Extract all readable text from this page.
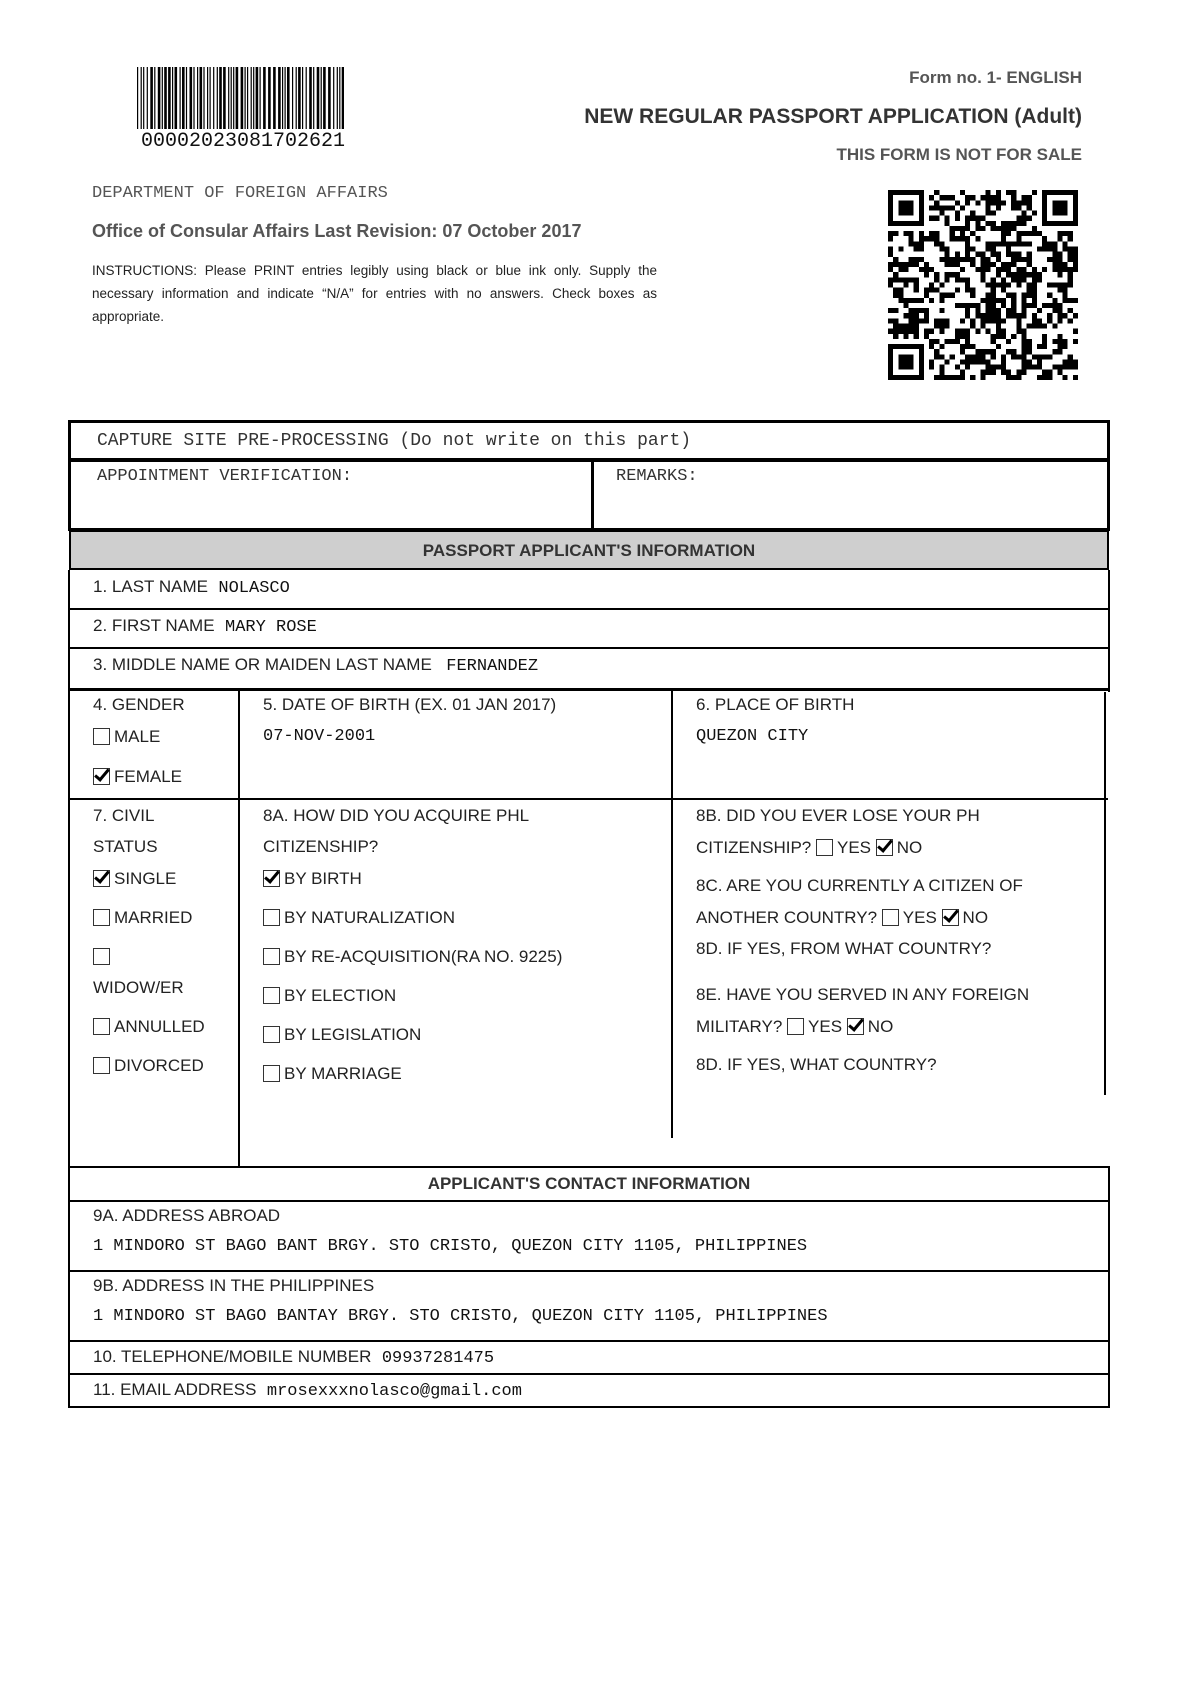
00002023081702621
Form no. 1- ENGLISH
NEW REGULAR PASSPORT APPLICATION (Adult)
THIS FORM IS NOT FOR SALE
DEPARTMENT OF FOREIGN AFFAIRS
Office of Consular Affairs Last Revision: 07 October 2017
INSTRUCTIONS: Please PRINT entries legibly using black or blue ink only. Supply the necessary information and indicate “N/A” for entries with no answers. Check boxes as appropriate.
CAPTURE SITE PRE-PROCESSING (Do not write on this part)
APPOINTMENT VERIFICATION:	REMARKS:
PASSPORT APPLICANT'S INFORMATION
1. LAST NAME NOLASCO
2. FIRST NAME MARY ROSE
3. MIDDLE NAME OR MAIDEN LAST NAME FERNANDEZ
4. GENDER
MALE
FEMALE
5. DATE OF BIRTH (EX. 01 JAN 2017)
07-NOV-2001
6. PLACE OF BIRTH
QUEZON CITY
7. CIVIL
STATUS
SINGLE
MARRIED
WIDOW/ER
ANNULLED
DIVORCED
8A. HOW DID YOU ACQUIRE PHL
CITIZENSHIP?
BY BIRTH
BY NATURALIZATION
BY RE-ACQUISITION(RA NO. 9225)
BY ELECTION
BY LEGISLATION
BY MARRIAGE
8B. DID YOU EVER LOSE YOUR PH
CITIZENSHIP? YES NO
8C. ARE YOU CURRENTLY A CITIZEN OF
ANOTHER COUNTRY? YES NO
8D. IF YES, FROM WHAT COUNTRY?
8E. HAVE YOU SERVED IN ANY FOREIGN
MILITARY? YES NO
8D. IF YES, WHAT COUNTRY?
APPLICANT'S CONTACT INFORMATION
9A. ADDRESS ABROAD
1 MINDORO ST BAGO BANT BRGY. STO CRISTO, QUEZON CITY 1105, PHILIPPINES
9B. ADDRESS IN THE PHILIPPINES
1 MINDORO ST BAGO BANTAY BRGY. STO CRISTO, QUEZON CITY 1105, PHILIPPINES
10. TELEPHONE/MOBILE NUMBER 09937281475
11. EMAIL ADDRESS mrosexxxnolasco@gmail.com
